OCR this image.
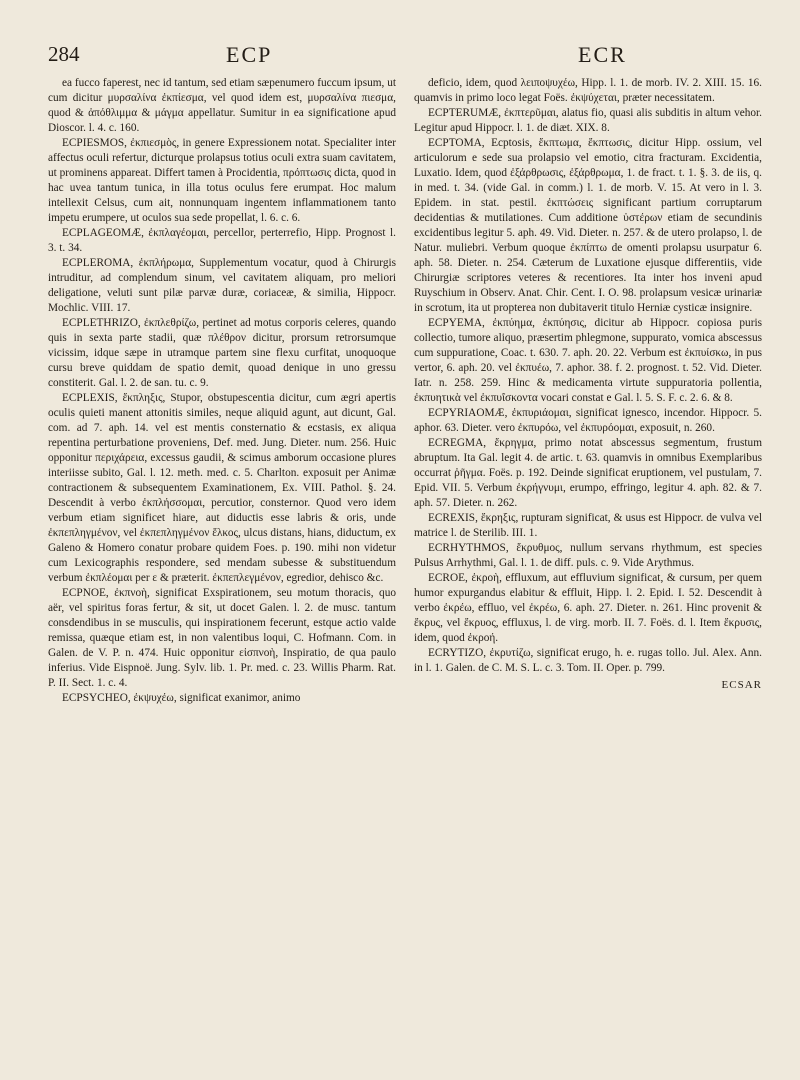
284	ECP	ECR

ea fucco faperest, nec id tantum, sed etiam sæpenumero fuccum ipsum, ut cum dicitur μυρσαλίνα ἐκπίεσμα, vel quod idem est, μυρσαλίνα πιεσμα, quod & ἀπόθλιμμα & μάγμα appellatur. Sumitur in ea significatione apud Dioscor. l. 4. c. 160.

ECPIESMOS, ἐκπιεσμὸς, in genere Expressionem notat. Specialiter inter affectus oculi refertur, dicturque prolapsus totius oculi extra suam cavitatem, ut prominens appareat. Differt tamen à Procidentia, πρόπτωσις dicta, quod in hac uvea tantum tunica, in illa totus oculus fere erumpat. Hoc malum intellexit Celsus, cum ait, nonnunquam ingentem inflammationem tanto impetu erumpere, ut oculos sua sede propellat, l. 6. c. 6.

ECPLAGEOMÆ, ἐκπλαγέομαι, percellor, perterrefio, Hipp. Prognost l. 3. t. 34.

ECPLEROMA, ἐκπλήρωμα, Supplementum vocatur, quod à Chirurgis intruditur, ad complendum sinum, vel cavitatem aliquam, pro meliori deligatione, veluti sunt pilæ parvæ duræ, coriaceæ, & similia, Hippocr. Mochlic. VIII. 17.

ECPLETHRIZO, ἐκπλεθρίζω, pertinet ad motus corporis celeres, quando quis in sexta parte stadii, quæ πλέθρον dicitur, prorsum retrorsumque vicissim, idque sæpe in utramque partem sine flexu curfitat, unoquoque cursu breve quiddam de spatio demit, quoad denique in uno gressu constiterit. Gal. l. 2. de san. tu. c. 9.

ECPLEXIS, ἔκπληξις, Stupor, obstupescentia dicitur, cum ægri apertis oculis quieti manent attonitis similes, neque aliquid agunt, aut dicunt, Gal. com. ad 7. aph. 14. vel est mentis consternatio & ecstasis, ex aliqua repentina perturbatione proveniens, Def. med. Jung. Dieter. num. 256. Huic opponitur περιχάρεια, excessus gaudii, & scimus amborum occasione plures interiisse subito, Gal. l. 12. meth. med. c. 5. Charlton. exposuit per Animæ contractionem & subsequentem Examinationem, Ex. VIII. Pathol. §. 24. Descendit à verbo ἐκπλήσσομαι, percutior, consternor. Quod vero idem verbum etiam significet hiare, aut diductis esse labris & oris, unde ἐκπεπληγμένον, vel ἐκπεπληγμένον ἕλκος, ulcus distans, hians, diductum, ex Galeno & Homero conatur probare quidem Foes. p. 190. mihi non videtur cum Lexicographis respondere, sed mendam subesse & substituendum verbum ἐκπλέομαι per ε & præterit. ἐκπεπλεγμένον, egredior, dehisco &c.

ECPNOE, ἐκπνοὴ, significat Exspirationem, seu motum thoracis, quo aër, vel spiritus foras fertur, & sit, ut docet Galen. l. 2. de musc. tantum consdendibus in se musculis, qui inspirationem fecerunt, estque actio valde remissa, quæque etiam est, in non valentibus loqui, C. Hofmann. Com. in Galen. de V. P. n. 474. Huic opponitur εἰσπνοὴ, Inspiratio, de qua paulo inferius. Vide Eispnoë. Jung. Sylv. lib. 1. Pr. med. c. 23. Willis Pharm. Rat. P. II. Sect. 1. c. 4.

ECPSYCHEO, ἐκψυχέω, significat exanimor, animo

deficio, idem, quod λειποψυχέω, Hipp. l. 1. de morb. IV. 2. XIII. 15. 16. quamvis in primo loco legat Foës. ἐκψύχεται, præter necessitatem.

ECPTERUMÆ, ἐκπτερῦμαι, alatus fio, quasi alis subditis in altum vehor. Legitur apud Hippocr. l. 1. de diæt. XIX. 8.

ECPTOMA, Ecptosis, ἔκπτωμα, ἔκπτωσις, dicitur Hipp. ossium, vel articulorum e sede sua prolapsio vel emotio, citra fracturam. Excidentia, Luxatio. Idem, quod ἐξάρθρωσις, ἐξάρθρωμα, 1. de fract. t. 1. §. 3. de iis, q. in med. t. 34. (vide Gal. in comm.) l. 1. de morb. V. 15. At vero in l. 3. Epidem. in stat. pestil. ἐκπτώσεις significant partium corruptarum decidentias & mutilationes. Cum additione ὑστέρων etiam de secundinis excidentibus legitur 5. aph. 49. Vid. Dieter. n. 257. & de utero prolapso, l. de Natur. muliebri. Verbum quoque ἐκπίπτω de omenti prolapsu usurpatur 6. aph. 58. Dieter. n. 254. Cæterum de Luxatione ejusque differentiis, vide Chirurgiæ scriptores veteres & recentiores. Ita inter hos inveni apud Ruyschium in Observ. Anat. Chir. Cent. I. O. 98. prolapsum vesicæ urinariæ in scrotum, ita ut propterea non dubitaverit titulo Herniæ cysticæ insignire.

ECPYEMA, ἐκπύημα, ἐκπύησις, dicitur ab Hippocr. copiosa puris collectio, tumore aliquo, præsertim phlegmone, suppurato, vomica abscessus cum suppuratione, Coac. t. 630. 7. aph. 20. 22. Verbum est ἐκπυίσκω, in pus vertor, 6. aph. 20. vel ἐκπυέω, 7. aphor. 38. f. 2. prognost. t. 52. Vid. Dieter. Iatr. n. 258. 259. Hinc & medicamenta virtute suppuratoria pollentia, ἐκπυητικὰ vel ἐκπυΐσκοντα vocari constat e Gal. l. 5. S. F. c. 2. 6. & 8.

ECPYRIAOMÆ, ἐκπυριάομαι, significat ignesco, incendor. Hippocr. 5. aphor. 63. Dieter. vero ἐκπυρόω, vel ἐκπυρόομαι, exposuit, n. 260.

ECREGMA, ἔκρηγμα, primo notat abscessus segmentum, frustum abruptum. Ita Gal. legit 4. de artic. t. 63. quamvis in omnibus Exemplaribus occurrat ῥῆγμα. Foës. p. 192. Deinde significat eruptionem, vel pustulam, 7. Epid. VII. 5. Verbum ἐκρήγνυμι, erumpo, effringo, legitur 4. aph. 82. & 7. aph. 57. Dieter. n. 262.

ECREXIS, ἔκρηξις, rupturam significat, & usus est Hippocr. de vulva vel matrice l. de Sterilib. III. 1.

ECRHYTHMOS, ἔκρυθμος, nullum servans rhythmum, est species Pulsus Arrhythmi, Gal. l. 1. de diff. puls. c. 9. Vide Arythmus.

ECROE, ἐκροὴ, effluxum, aut effluvium significat, & cursum, per quem humor expurgandus elabitur & effluit, Hipp. l. 2. Epid. I. 52. Descendit à verbo ἐκρέω, effluo, vel ἐκρέω, 6. aph. 27. Dieter. n. 261. Hinc provenit & ἔκρυς, vel ἔκρυος, effluxus, l. de virg. morb. II. 7. Foës. d. l. Item ἔκρυσις, idem, quod ἐκροή.

ECRYTIZO, ἐκρυτίζω, significat erugo, h. e. rugas tollo. Jul. Alex. Ann. in l. 1. Galen. de C. M. S. L. c. 3. Tom. II. Oper. p. 799.

ECSAR
